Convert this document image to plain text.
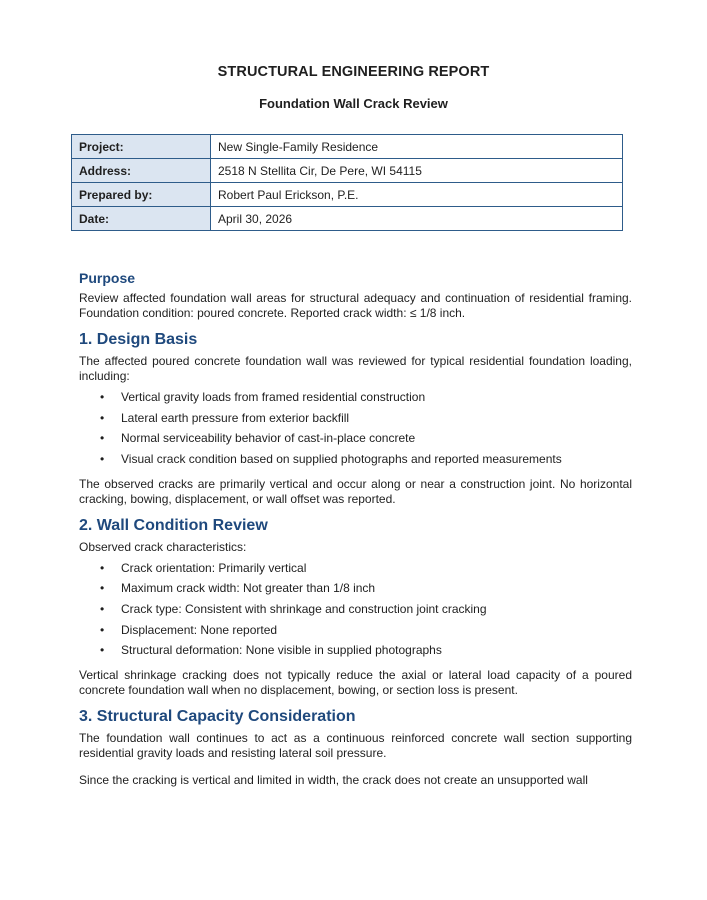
STRUCTURAL ENGINEERING REPORT
Foundation Wall Crack Review
Project:	New Single-Family Residence
Address:	2518 N Stellita Cir, De Pere, WI 54115
Prepared by:	Robert Paul Erickson, P.E.
Date:	April 30, 2026
Purpose

Review affected foundation wall areas for structural adequacy and continuation of residential framing. Foundation condition: poured concrete. Reported crack width: ≤ 1/8 inch.

1. Design Basis

The affected poured concrete foundation wall was reviewed for typical residential foundation loading, including:

• Vertical gravity loads from framed residential construction
• Lateral earth pressure from exterior backfill
• Normal serviceability behavior of cast-in-place concrete
• Visual crack condition based on supplied photographs and reported measurements

The observed cracks are primarily vertical and occur along or near a construction joint. No horizontal cracking, bowing, displacement, or wall offset was reported.

2. Wall Condition Review

Observed crack characteristics:

• Crack orientation: Primarily vertical
• Maximum crack width: Not greater than 1/8 inch
• Crack type: Consistent with shrinkage and construction joint cracking
• Displacement: None reported
• Structural deformation: None visible in supplied photographs

Vertical shrinkage cracking does not typically reduce the axial or lateral load capacity of a poured concrete foundation wall when no displacement, bowing, or section loss is present.

3. Structural Capacity Consideration

The foundation wall continues to act as a continuous reinforced concrete wall section supporting residential gravity loads and resisting lateral soil pressure.

Since the cracking is vertical and limited in width, the crack does not create an unsupported wall
